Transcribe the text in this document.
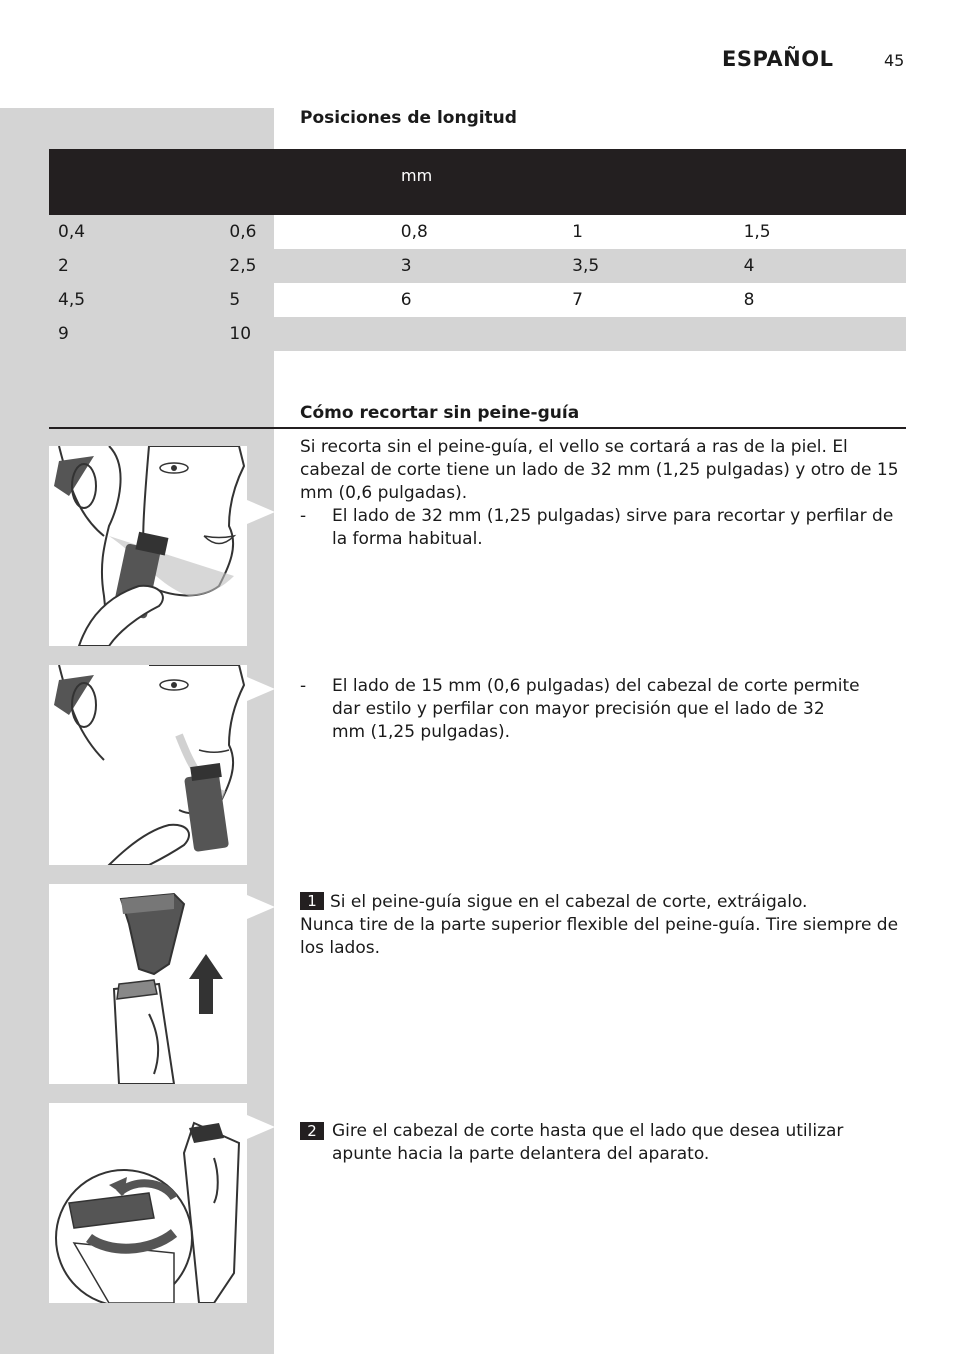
ESPAÑOL	45
Posiciones de longitud
mm
0,4	0,6	0,8	1	1,5
2	2,5	3	3,5	4
4,5	5	6	7	8
9	10
Cómo recortar sin peine-guía
Si recorta sin el peine-guía, el vello se cortará a ras de la piel. El cabezal de corte tiene un lado de 32 mm (1,25 pulgadas) y otro de 15 mm (0,6 pulgadas).
-	El lado de 32 mm (1,25 pulgadas) sirve para recortar y perfilar de la forma habitual.
-	El lado de 15 mm (0,6 pulgadas) del cabezal de corte permite dar estilo y perfilar con mayor precisión que el lado de 32 mm (1,25 pulgadas).
1 Si el peine-guía sigue en el cabezal de corte, extráigalo.
Nunca tire de la parte superior flexible del peine-guía. Tire siempre de los lados.
2 Gire el cabezal de corte hasta que el lado que desea utilizar apunte hacia la parte delantera del aparato.
